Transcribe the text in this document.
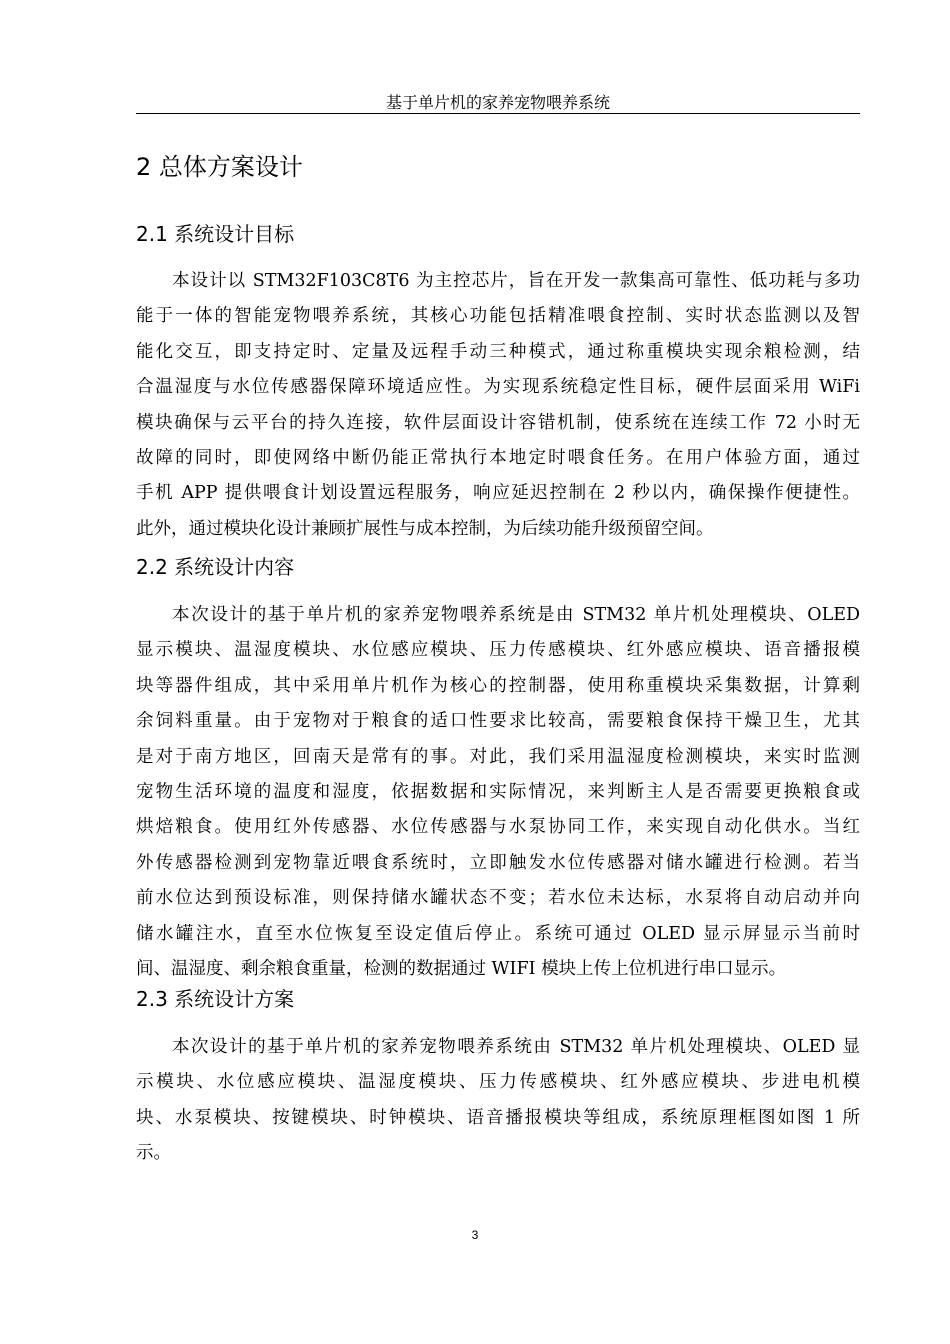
基于单片机的家养宠物喂养系统
2 总体方案设计
2.1 系统设计目标
本设计以 STM32F103C8T6 为主控芯片，旨在开发一款集高可靠性、低功耗与多功
能于一体的智能宠物喂养系统，其核心功能包括精准喂食控制、实时状态监测以及智
能化交互，即支持定时、定量及远程手动三种模式，通过称重模块实现余粮检测，结
合温湿度与水位传感器保障环境适应性。为实现系统稳定性目标，硬件层面采用 WiFi
模块确保与云平台的持久连接，软件层面设计容错机制，使系统在连续工作 72 小时无
故障的同时，即使网络中断仍能正常执行本地定时喂食任务。在用户体验方面，通过
手机 APP 提供喂食计划设置远程服务，响应延迟控制在 2 秒以内，确保操作便捷性。
此外，通过模块化设计兼顾扩展性与成本控制，为后续功能升级预留空间。
2.2 系统设计内容
本次设计的基于单片机的家养宠物喂养系统是由 STM32 单片机处理模块、OLED
显示模块、温湿度模块、水位感应模块、压力传感模块、红外感应模块、语音播报模
块等器件组成，其中采用单片机作为核心的控制器，使用称重模块采集数据，计算剩
余饲料重量。由于宠物对于粮食的适口性要求比较高，需要粮食保持干燥卫生，尤其
是对于南方地区，回南天是常有的事。对此，我们采用温湿度检测模块，来实时监测
宠物生活环境的温度和湿度，依据数据和实际情况，来判断主人是否需要更换粮食或
烘焙粮食。使用红外传感器、水位传感器与水泵协同工作，来实现自动化供水。当红
外传感器检测到宠物靠近喂食系统时，立即触发水位传感器对储水罐进行检测。若当
前水位达到预设标准，则保持储水罐状态不变；若水位未达标，水泵将自动启动并向
储水罐注水，直至水位恢复至设定值后停止。系统可通过 OLED 显示屏显示当前时
间、温湿度、剩余粮食重量，检测的数据通过 WIFI 模块上传上位机进行串口显示。
2.3 系统设计方案
本次设计的基于单片机的家养宠物喂养系统由 STM32 单片机处理模块、OLED 显
示模块、水位感应模块、温湿度模块、压力传感模块、红外感应模块、步进电机模
块、水泵模块、按键模块、时钟模块、语音播报模块等组成，系统原理框图如图 1 所
示。
3
